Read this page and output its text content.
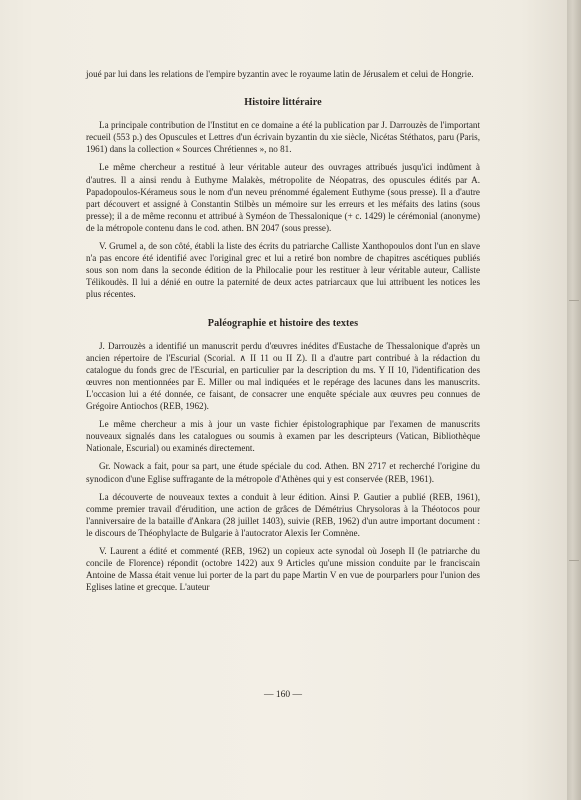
joué par lui dans les relations de l'empire byzantin avec le royaume latin de Jérusalem et celui de Hongrie.

Histoire littéraire

La principale contribution de l'Institut en ce domaine a été la publication par J. Darrouzès de l'important recueil (553 p.) des Opuscules et Lettres d'un écrivain byzantin du xie siècle, Nicétas Stéthatos, paru (Paris, 1961) dans la collection « Sources Chrétiennes », no 81.

Le même chercheur a restitué à leur véritable auteur des ouvrages attribués jusqu'ici indûment à d'autres. Il a ainsi rendu à Euthyme Malakès, métropolite de Néopatras, des opuscules édités par A. Papadopoulos-Kérameus sous le nom d'un neveu prénommé également Euthyme (sous presse). Il a d'autre part découvert et assigné à Constantin Stilbès un mémoire sur les erreurs et les méfaits des latins (sous presse); il a de même reconnu et attribué à Syméon de Thessalonique (+ c. 1429) le cérémonial (anonyme) de la métropole contenu dans le cod. athen. BN 2047 (sous presse).

V. Grumel a, de son côté, établi la liste des écrits du patriarche Calliste Xanthopoulos dont l'un en slave n'a pas encore été identifié avec l'original grec et lui a retiré bon nombre de chapitres ascétiques publiés sous son nom dans la seconde édition de la Philocalie pour les restituer à leur véritable auteur, Calliste Télikoudès. Il lui a dénié en outre la paternité de deux actes patriarcaux que lui attribuent les notices les plus récentes.

Paléographie et histoire des textes

J. Darrouzès a identifié un manuscrit perdu d'œuvres inédites d'Eustache de Thessalonique d'après un ancien répertoire de l'Escurial (Scorial. ∧ II 11 ou II Z). Il a d'autre part contribué à la rédaction du catalogue du fonds grec de l'Escurial, en particulier par la description du ms. Y II 10, l'identification des œuvres non mentionnées par E. Miller ou mal indiquées et le repérage des lacunes dans les manuscrits. L'occasion lui a été donnée, ce faisant, de consacrer une enquête spéciale aux œuvres peu connues de Grégoire Antiochos (REB, 1962).

Le même chercheur a mis à jour un vaste fichier épistolographique par l'examen de manuscrits nouveaux signalés dans les catalogues ou soumis à examen par les descripteurs (Vatican, Bibliothèque Nationale, Escurial) ou examinés directement.

Gr. Nowack a fait, pour sa part, une étude spéciale du cod. Athen. BN 2717 et recherché l'origine du synodicon d'une Eglise suffragante de la métropole d'Athènes qui y est conservée (REB, 1961).

La découverte de nouveaux textes a conduit à leur édition. Ainsi P. Gautier a publié (REB, 1961), comme premier travail d'érudition, une action de grâces de Démétrius Chrysoloras à la Théotocos pour l'anniversaire de la bataille d'Ankara (28 juillet 1403), suivie (REB, 1962) d'un autre important document : le discours de Théophylacte de Bulgarie à l'autocrator Alexis Ier Comnène.

V. Laurent a édité et commenté (REB, 1962) un copieux acte synodal où Joseph II (le patriarche du concile de Florence) répondit (octobre 1422) aux 9 Articles qu'une mission conduite par le franciscain Antoine de Massa était venue lui porter de la part du pape Martin V en vue de pourparlers pour l'union des Eglises latine et grecque. L'auteur

— 160 —
